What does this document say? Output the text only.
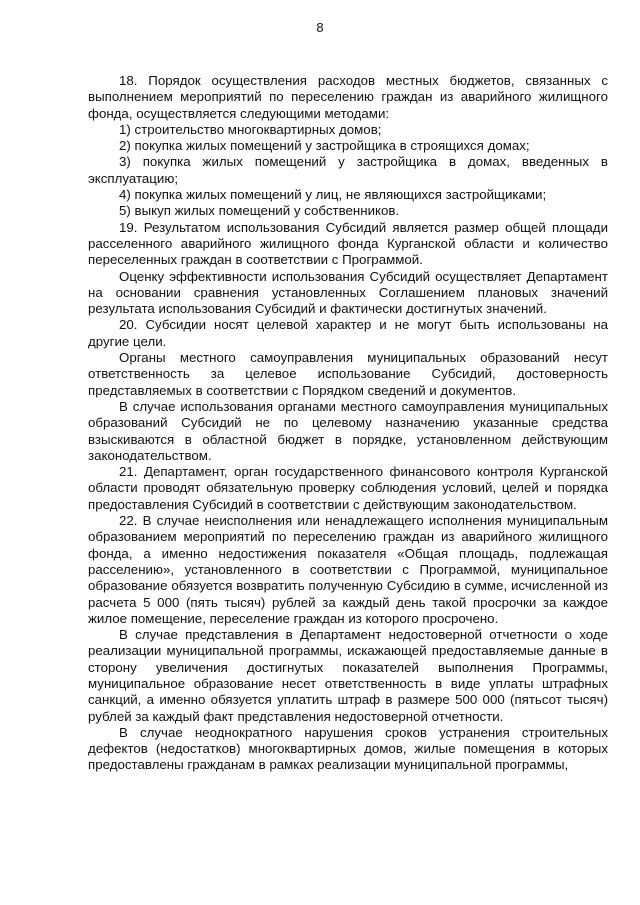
8

18. Порядок осуществления расходов местных бюджетов, связанных с выполнением мероприятий по переселению граждан из аварийного жилищного фонда, осуществляется следующими методами:

1) строительство многоквартирных домов;

2) покупка жилых помещений у застройщика в строящихся домах;

3) покупка жилых помещений у застройщика в домах, введенных в эксплуатацию;

4) покупка жилых помещений у лиц, не являющихся застройщиками;

5) выкуп жилых помещений у собственников.

19. Результатом использования Субсидий является размер общей площади расселенного аварийного жилищного фонда Курганской области и количество переселенных граждан в соответствии с Программой.

Оценку эффективности использования Субсидий осуществляет Департамент на основании сравнения установленных Соглашением плановых значений результата использования Субсидий и фактически достигнутых значений.

20. Субсидии носят целевой характер и не могут быть использованы на другие цели.

Органы местного самоуправления муниципальных образований несут ответственность за целевое использование Субсидий, достоверность представляемых в соответствии с Порядком сведений и документов.

В случае использования органами местного самоуправления муниципальных образований Субсидий не по целевому назначению указанные средства взыскиваются в областной бюджет в порядке, установленном действующим законодательством.

21. Департамент, орган государственного финансового контроля Курганской области проводят обязательную проверку соблюдения условий, целей и порядка предоставления Субсидий в соответствии с действующим законодательством.

22. В случае неисполнения или ненадлежащего исполнения муниципальным образованием мероприятий по переселению граждан из аварийного жилищного фонда, а именно недостижения показателя «Общая площадь, подлежащая расселению», установленного в соответствии с Программой, муниципальное образование обязуется возвратить полученную Субсидию в сумме, исчисленной из расчета 5 000 (пять тысяч) рублей за каждый день такой просрочки за каждое жилое помещение, переселение граждан из которого просрочено.

В случае представления в Департамент недостоверной отчетности о ходе реализации муниципальной программы, искажающей предоставляемые данные в сторону увеличения достигнутых показателей выполнения Программы, муниципальное образование несет ответственность в виде уплаты штрафных санкций, а именно обязуется уплатить штраф в размере 500 000 (пятьсот тысяч) рублей за каждый факт представления недостоверной отчетности.

В случае неоднократного нарушения сроков устранения строительных дефектов (недостатков) многоквартирных домов, жилые помещения в которых предоставлены гражданам в рамках реализации муниципальной программы,
